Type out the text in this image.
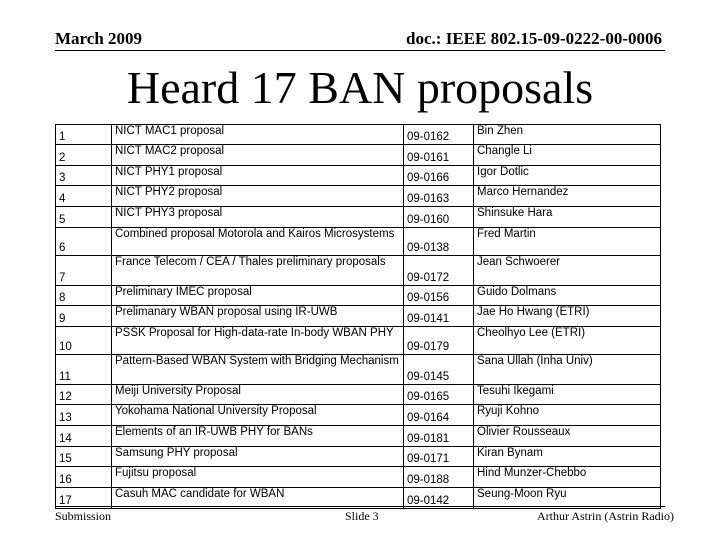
March 2009	doc.: IEEE 802.15-09-0222-00-0006
Heard 17 BAN proposals
1	NICT MAC1 proposal	09-0162	Bin Zhen
2	NICT MAC2 proposal	09-0161	Changle Li
3	NICT PHY1 proposal	09-0166	Igor Dotlic
4	NICT PHY2 proposal	09-0163	Marco Hernandez
5	NICT PHY3 proposal	09-0160	Shinsuke Hara
6	Combined proposal Motorola and Kairos Microsystems	09-0138	Fred Martin
7	France Telecom / CEA / Thales preliminary proposals	09-0172	Jean Schwoerer
8	Preliminary IMEC proposal	09-0156	Guido Dolmans
9	Prelimanary WBAN proposal using IR-UWB	09-0141	Jae Ho Hwang (ETRI)
10	PSSK Proposal for High-data-rate In-body WBAN PHY	09-0179	Cheolhyo Lee (ETRI)
11	Pattern-Based WBAN System with Bridging Mechanism	09-0145	Sana Ullah (Inha Univ)
12	Meiji University Proposal	09-0165	Tesuhi Ikegami
13	Yokohama National University Proposal	09-0164	Ryuji Kohno
14	Elements of an IR-UWB PHY for BANs	09-0181	Olivier Rousseaux
15	Samsung PHY proposal	09-0171	Kiran Bynam
16	Fujitsu proposal	09-0188	Hind Munzer-Chebbo
17	Casuh MAC candidate for WBAN	09-0142	Seung-Moon Ryu
Submission	Slide 3	Arthur Astrin (Astrin Radio)
